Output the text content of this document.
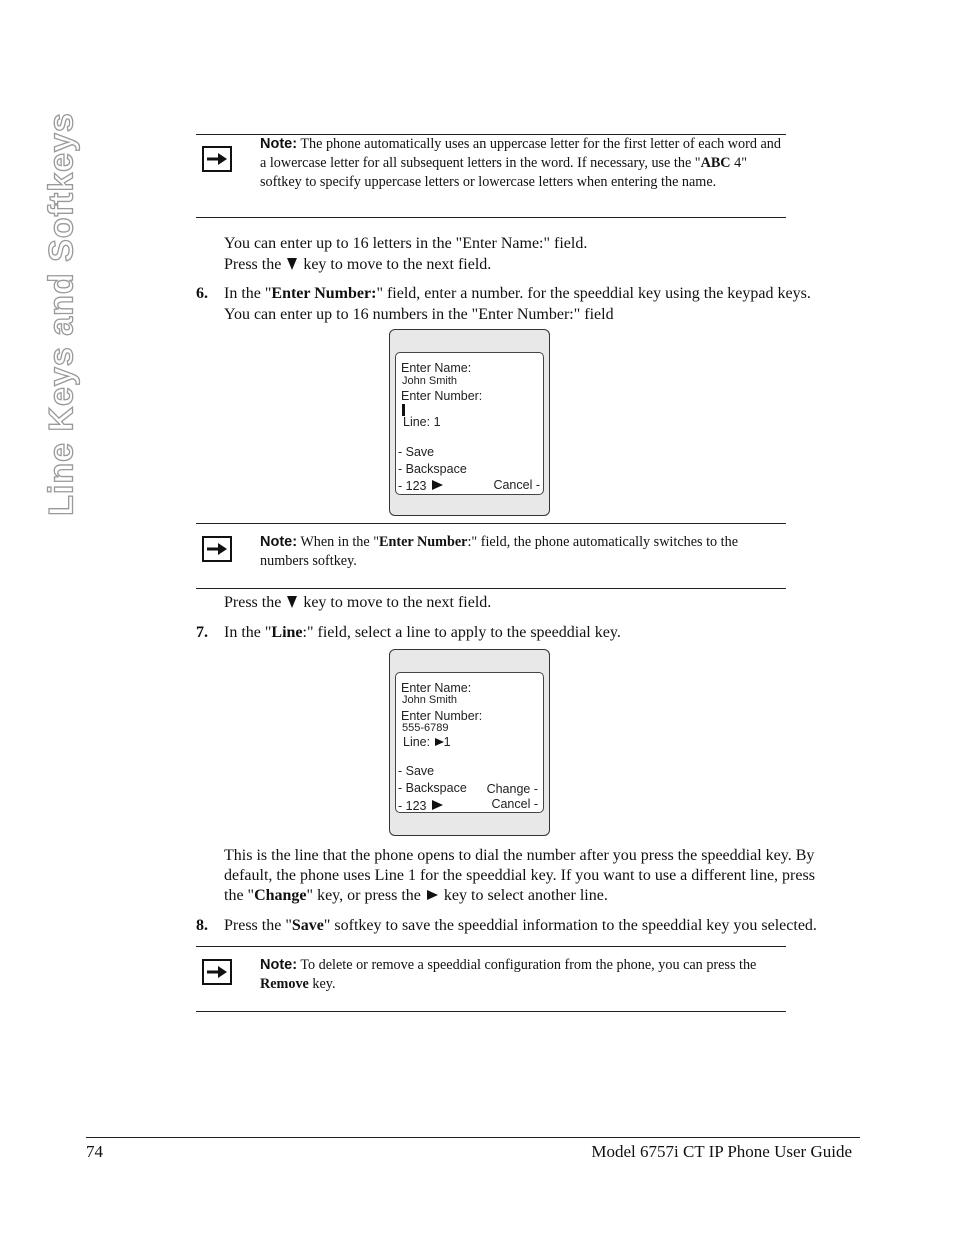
Line Keys and Softkeys	Note: The phone automatically uses an uppercase letter for the first letter of each word and a lowercase letter for all subsequent letters in the word. If necessary, use the "ABC 4" softkey to specify uppercase letters or lowercase letters when entering the name.
You can enter up to 16 letters in the "Enter Name:" field.
Press the key to move to the next field.
6. In the "Enter Number:" field, enter a number. for the speeddial key using the keypad keys.
You can enter up to 16 numbers in the "Enter Number:" field
Enter Name:
John Smith
Enter Number:
Line: 1
- Save
- Backspace
- 123	Cancel -
Note: When in the "Enter Number:" field, the phone automatically switches to the numbers softkey.
Press the key to move to the next field.
7. In the "Line:" field, select a line to apply to the speeddial key.
Enter Name:
John Smith
Enter Number:
555-6789
Line: 1
- Save
- Backspace
- 123
Change -
Cancel -
This is the line that the phone opens to dial the number after you press the speeddial key. By
default, the phone uses Line 1 for the speeddial key. If you want to use a different line, press
the "Change" key, or press the key to select another line.
8. Press the "Save" softkey to save the speeddial information to the speeddial key you selected.
Note: To delete or remove a speeddial configuration from the phone, you can press the Remove key.
74	Model 6757i CT IP Phone User Guide
